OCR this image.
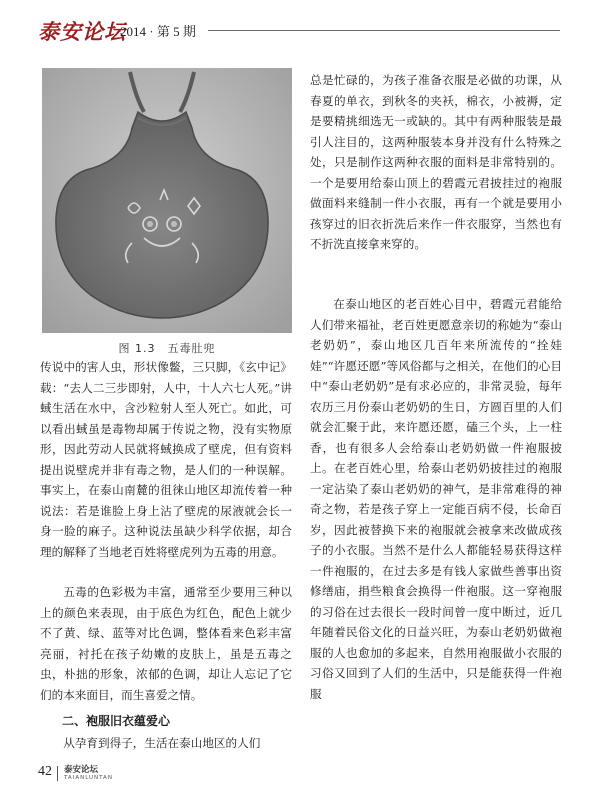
泰安论坛
2014 · 第 5 期
图 1.3　五毒肚兜

传说中的害人虫，形状像鳖，三只脚，《玄中记》载：“去人二三步即射，人中，十人六七人死。”讲蜮生活在水中，含沙粒射人至人死亡。如此，可以看出蜮虽是毒物却属于传说之物，没有实物原形，因此劳动人民就将蜮换成了壁虎，但有资料提出说壁虎并非有毒之物，是人们的一种误解。事实上，在泰山南麓的徂徕山地区却流传着一种说法：若是谁脸上身上沾了壁虎的尿液就会长一身一脸的麻子。这种说法虽缺少科学依据，却合理的解释了当地老百姓将壁虎列为五毒的用意。

五毒的色彩极为丰富，通常至少要用三种以上的颜色来表现，由于底色为红色，配色上就少不了黄、绿、蓝等对比色调，整体看来色彩丰富亮丽，衬托在孩子幼嫩的皮肤上，虽是五毒之虫，朴拙的形象，浓郁的色调，却让人忘记了它们的本来面目，而生喜爱之情。

二、袍服旧衣蕴爱心

从孕育到得子，生活在泰山地区的人们

总是忙碌的，为孩子准备衣服是必做的功课，从春夏的单衣，到秋冬的夹袄，棉衣，小被褥，定是要精挑细选无一或缺的。其中有两种服装是最引人注目的，这两种服装本身并没有什么特殊之处，只是制作这两种衣服的面料是非常特别的。一个是要用给泰山顶上的碧霞元君披挂过的袍服做面料来缝制一件小衣服，再有一个就是要用小孩穿过的旧衣折洗后来作一件衣服穿，当然也有不折洗直接拿来穿的。

在泰山地区的老百姓心目中，碧霞元君能给人们带来福祉，老百姓更愿意亲切的称她为“泰山老奶奶”，泰山地区几百年来所流传的“拴娃娃”“许愿还愿”等风俗都与之相关，在他们的心目中“泰山老奶奶”是有求必应的，非常灵验，每年农历三月份泰山老奶奶的生日，方圆百里的人们就会汇聚于此，来许愿还愿，磕三个头，上一柱香，也有很多人会给泰山老奶奶做一件袍服披上。在老百姓心里，给泰山老奶奶披挂过的袍服一定沾染了泰山老奶奶的神气，是非常难得的神奇之物，若是孩子穿上一定能百病不侵，长命百岁，因此被替换下来的袍服就会被拿来改做成孩子的小衣服。当然不是什么人都能轻易获得这样一件袍服的，在过去多是有钱人家做些善事出资修缮庙，捐些粮食会换得一件袍服。这一穿袍服的习俗在过去很长一段时间曾一度中断过，近几年随着民俗文化的日益兴旺，为泰山老奶奶做袍服的人也愈加的多起来，自然用袍服做小衣服的习俗又回到了人们的生活中，只是能获得一件袍服

42 泰安论坛
TAIANLUNTAN
